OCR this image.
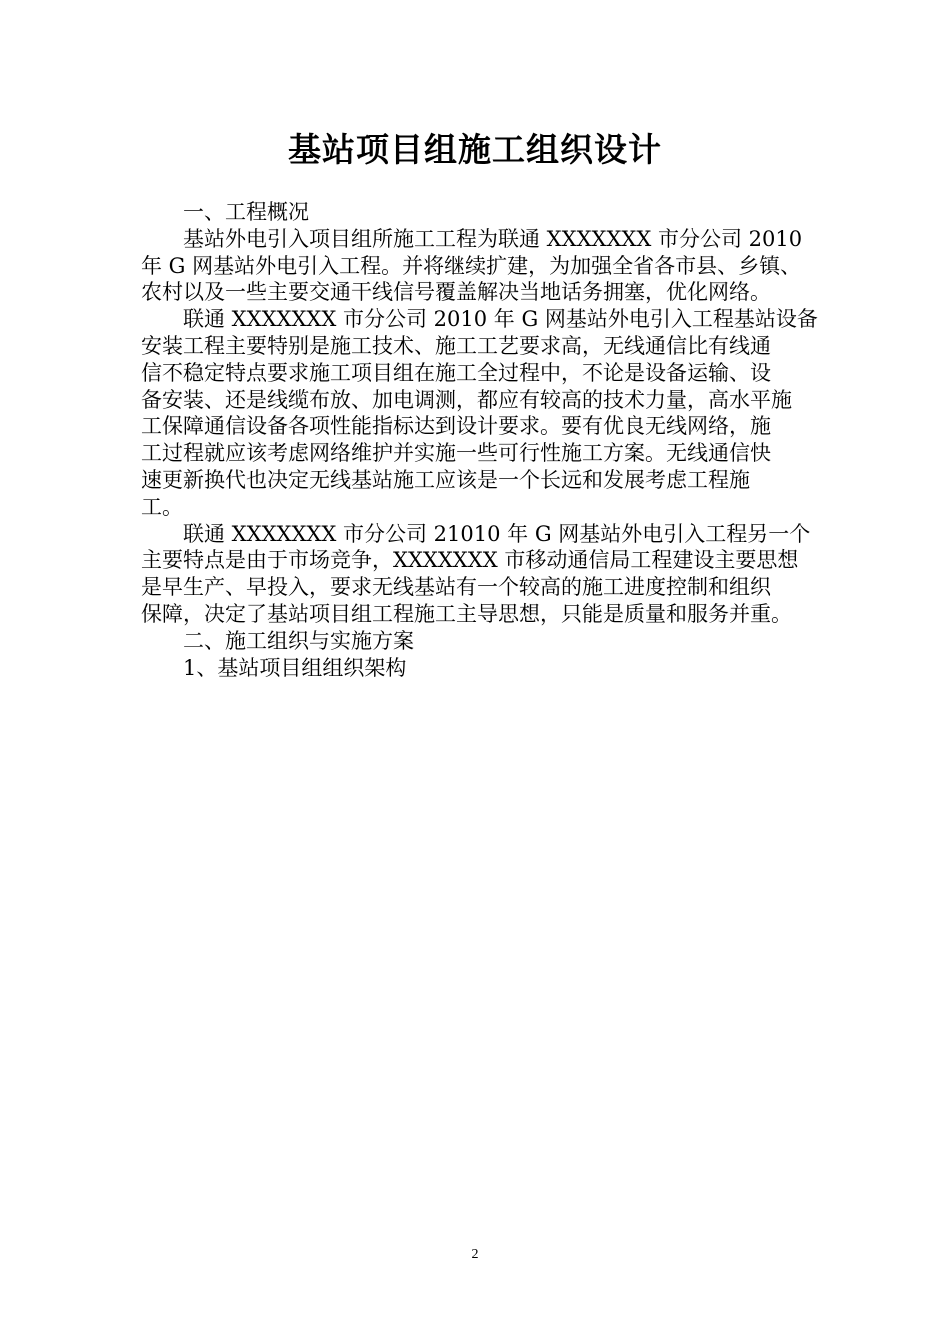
基站项目组施工组织设计
一、工程概况
基站外电引入项目组所施工工程为联通 XXXXXXX 市分公司 2010
年 G 网基站外电引入工程。并将继续扩建，为加强全省各市县、乡镇、
农村以及一些主要交通干线信号覆盖解决当地话务拥塞，优化网络。
联通 XXXXXXX 市分公司 2010 年 G 网基站外电引入工程基站设备
安装工程主要特别是施工技术、施工工艺要求高，无线通信比有线通
信不稳定特点要求施工项目组在施工全过程中，不论是设备运输、设
备安装、还是线缆布放、加电调测，都应有较高的技术力量，高水平施
工保障通信设备各项性能指标达到设计要求。要有优良无线网络，施
工过程就应该考虑网络维护并实施一些可行性施工方案。无线通信快
速更新换代也决定无线基站施工应该是一个长远和发展考虑工程施
工。
联通 XXXXXXX 市分公司 21010 年 G 网基站外电引入工程另一个
主要特点是由于市场竞争，XXXXXXX 市移动通信局工程建设主要思想
是早生产、早投入，要求无线基站有一个较高的施工进度控制和组织
保障，决定了基站项目组工程施工主导思想，只能是质量和服务并重。
二、施工组织与实施方案
1、基站项目组组织架构
2
